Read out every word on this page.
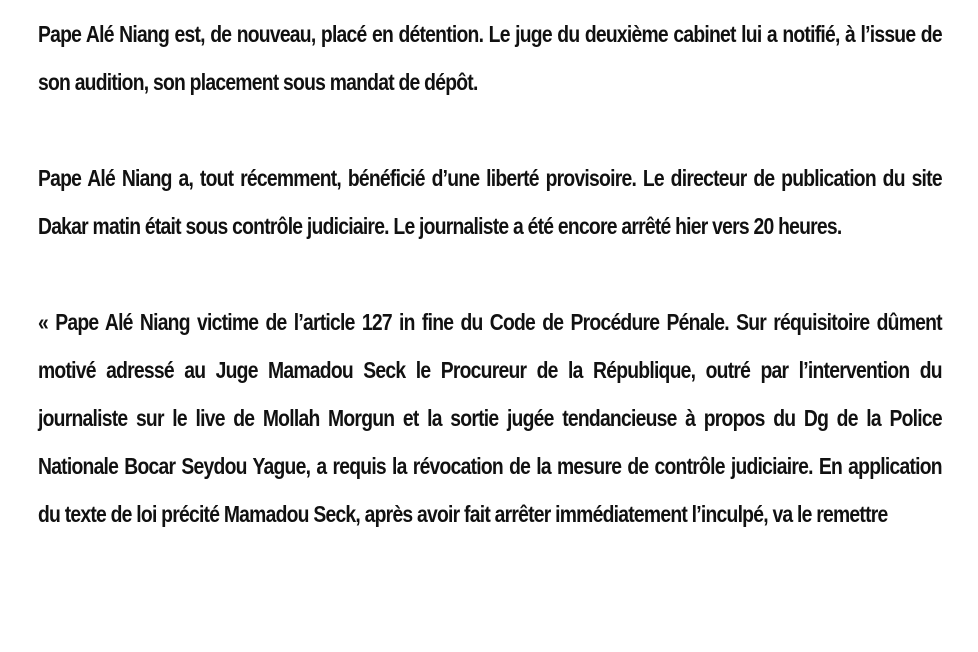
Pape Alé Niang est, de nouveau, placé en détention. Le juge du deuxième cabinet lui a notifié, à l’issue de son audition, son placement sous mandat de dépôt.

Pape Alé Niang a, tout récemment, bénéficié d’une liberté provisoire. Le directeur de publication du site Dakar matin était sous contrôle judiciaire. Le journaliste a été encore arrêté hier vers 20 heures.

« Pape Alé Niang victime de l’article 127 in fine du Code de Procédure Pénale. Sur réquisitoire dûment motivé adressé au Juge Mamadou Seck le Procureur de la République, outré par l’intervention du journaliste sur le live de Mollah Morgun et la sortie jugée tendancieuse à propos du Dg de la Police Nationale Bocar Seydou Yague, a requis la révocation de la mesure de contrôle judiciaire. En application du texte de loi précité Mamadou Seck, après avoir fait arrêter immédiatement l’inculpé, va le remettre
